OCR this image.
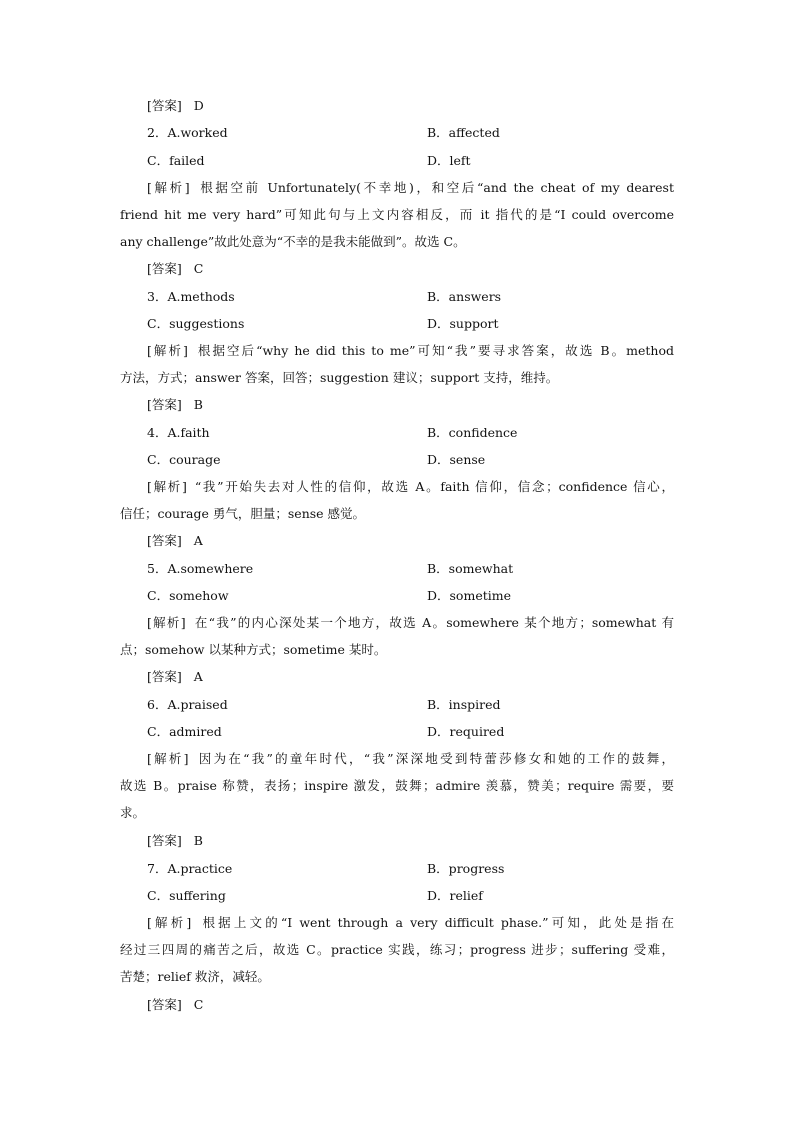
[答案] D
2．A.worked	B．affected
C．failed	D．left
[解析] 根据空前 Unfortunately(不幸地)，和空后“and the cheat of my dearest
friend hit me very hard”可知此句与上文内容相反，而 it 指代的是“I could overcome
any challenge”故此处意为“不幸的是我未能做到”。故选 C。
[答案] C
3．A.methods	B．answers
C．suggestions	D．support
[解析] 根据空后“why he did this to me”可知“我”要寻求答案，故选 B。method
方法，方式；answer 答案，回答；suggestion 建议；support 支持，维持。
[答案] B
4．A.faith	B．confidence
C．courage	D．sense
[解析] “我”开始失去对人性的信仰，故选 A。faith 信仰，信念；confidence 信心，
信任；courage 勇气，胆量；sense 感觉。
[答案] A
5．A.somewhere	B．somewhat
C．somehow	D．sometime
[解析] 在“我”的内心深处某一个地方，故选 A。somewhere 某个地方；somewhat 有
点；somehow 以某种方式；sometime 某时。
[答案] A
6．A.praised	B．inspired
C．admired	D．required
[解析] 因为在“我”的童年时代，“我”深深地受到特蕾莎修女和她的工作的鼓舞，
故选 B。praise 称赞，表扬；inspire 激发，鼓舞；admire 羡慕，赞美；require 需要，要
求。
[答案] B
7．A.practice	B．progress
C．suffering	D．relief
[解析] 根据上文的“I went through a very difficult phase.”可知，此处是指在
经过三四周的痛苦之后，故选 C。practice 实践，练习；progress 进步；suffering 受难，
苦楚；relief 救济，减轻。
[答案] C
